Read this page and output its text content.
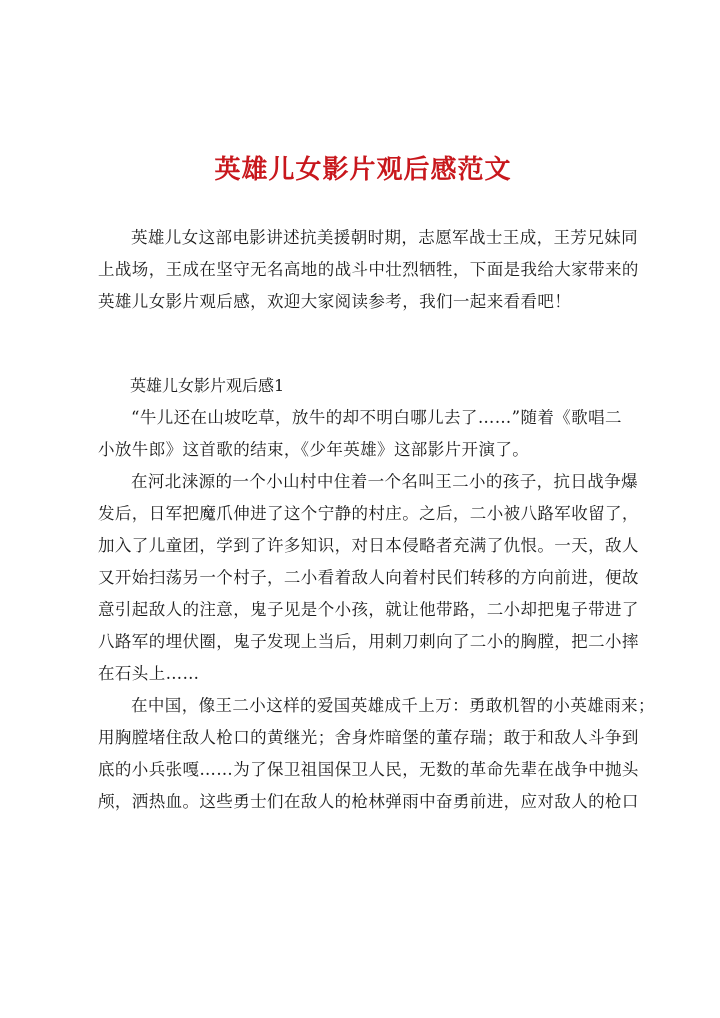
英雄儿女影片观后感范文
英雄儿女这部电影讲述抗美援朝时期，志愿军战士王成，王芳兄妹同
上战场，王成在坚守无名高地的战斗中壮烈牺牲，下面是我给大家带来的
英雄儿女影片观后感，欢迎大家阅读参考，我们一起来看看吧！
英雄儿女影片观后感1
“牛儿还在山坡吃草，放牛的却不明白哪儿去了……”随着《歌唱二
小放牛郎》这首歌的结束，《少年英雄》这部影片开演了。
在河北涞源的一个小山村中住着一个名叫王二小的孩子，抗日战争爆
发后，日军把魔爪伸进了这个宁静的村庄。之后，二小被八路军收留了，
加入了儿童团，学到了许多知识，对日本侵略者充满了仇恨。一天，敌人
又开始扫荡另一个村子，二小看着敌人向着村民们转移的方向前进，便故
意引起敌人的注意，鬼子见是个小孩，就让他带路，二小却把鬼子带进了
八路军的埋伏圈，鬼子发现上当后，用刺刀刺向了二小的胸膛，把二小摔
在石头上……
在中国，像王二小这样的爱国英雄成千上万：勇敢机智的小英雄雨来；
用胸膛堵住敌人枪口的黄继光；舍身炸暗堡的董存瑞；敢于和敌人斗争到
底的小兵张嘎……为了保卫祖国保卫人民，无数的革命先辈在战争中抛头
颅，洒热血。这些勇士们在敌人的枪林弹雨中奋勇前进，应对敌人的枪口
